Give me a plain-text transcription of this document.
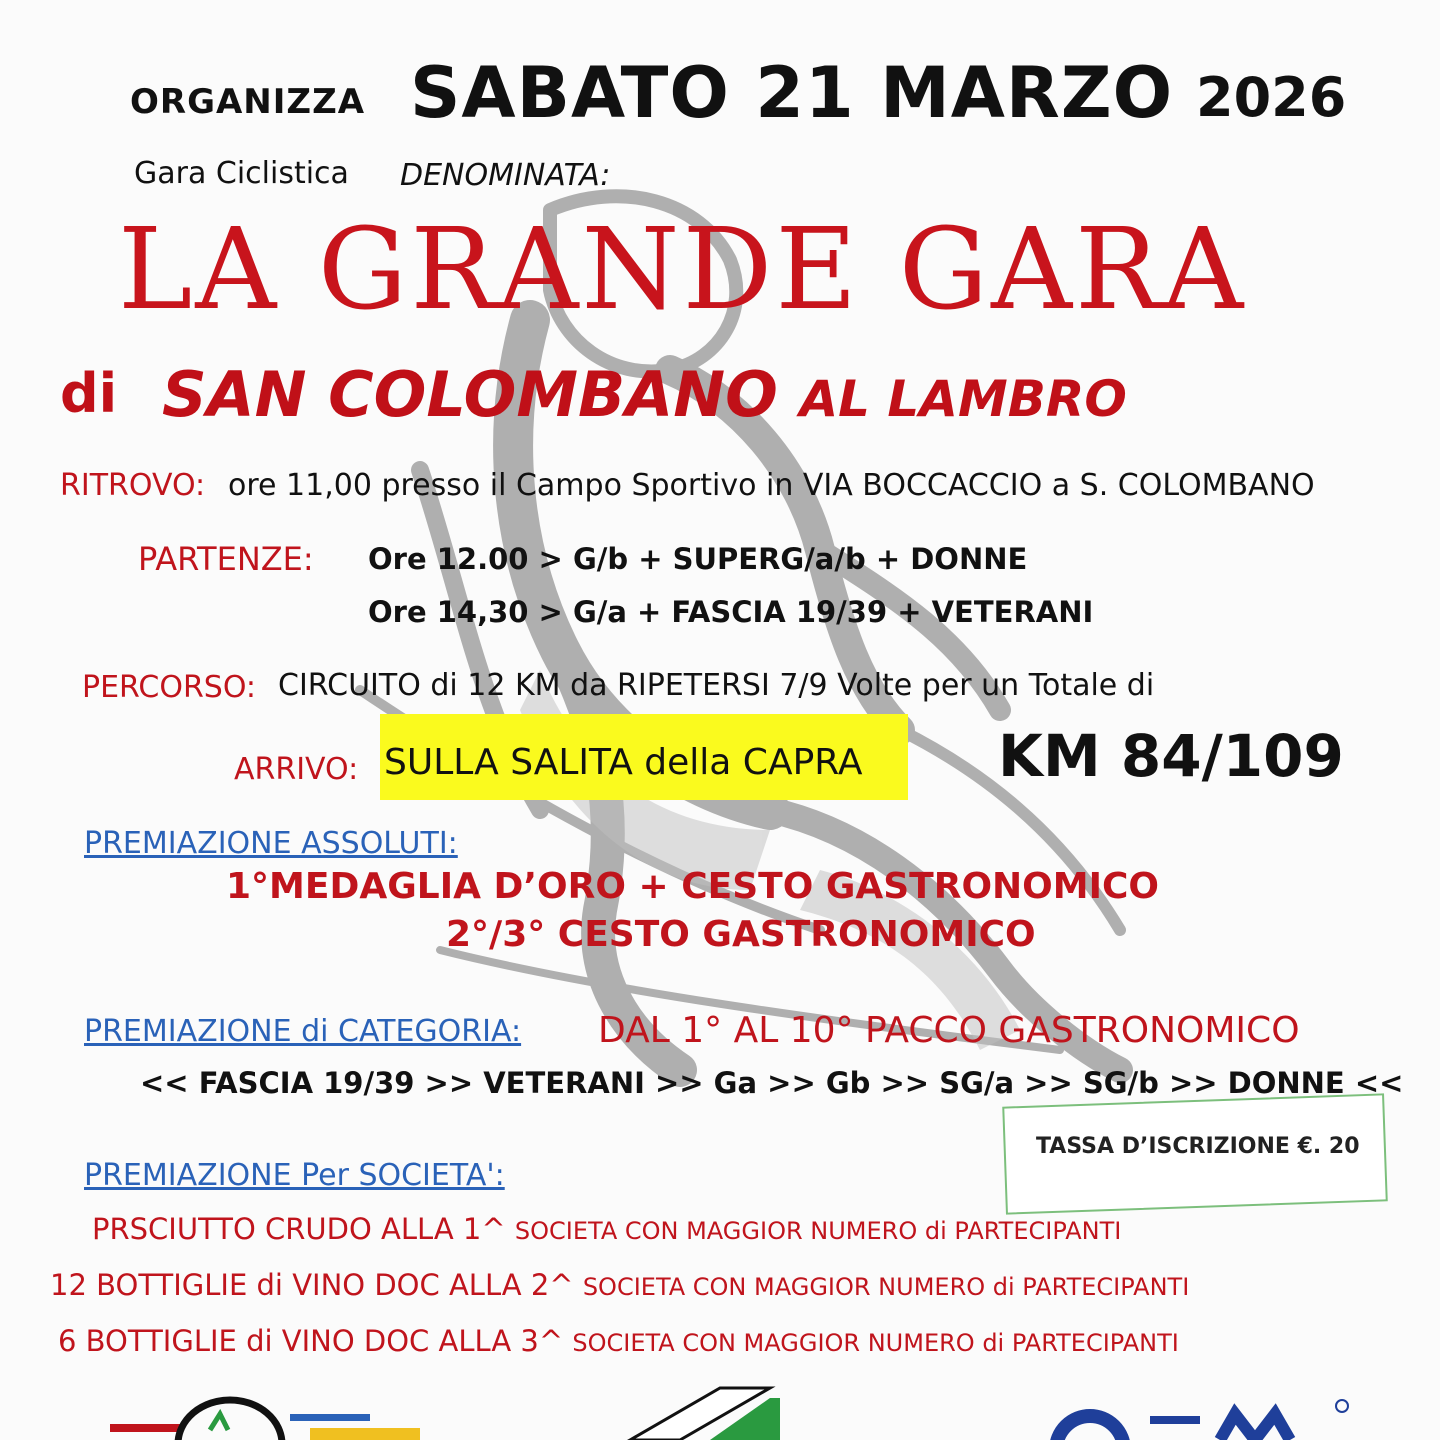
ORGANIZZA SABATO 21 MARZO 2026
Gara Ciclistica DENOMINATA:
LA GRANDE GARA
di SAN COLOMBANO AL LAMBRO
RITROVO: ore 11,00 presso il Campo Sportivo in VIA BOCCACCIO a S. COLOMBANO
PARTENZE: Ore 12.00 > G/b + SUPERG/a/b + DONNE
Ore 14,30 > G/a + FASCIA 19/39 + VETERANI
PERCORSO: CIRCUITO di 12 KM da RIPETERSI 7/9 Volte per un Totale di
ARRIVO: SULLA SALITA della CAPRA KM 84/109
PREMIAZIONE ASSOLUTI:
1°MEDAGLIA D’ORO + CESTO GASTRONOMICO
2°/3° CESTO GASTRONOMICO
PREMIAZIONE di CATEGORIA: DAL 1° AL 10° PACCO GASTRONOMICO
<< FASCIA 19/39 >> VETERANI >> Ga >> Gb >> SG/a >> SG/b >> DONNE <<
TASSA D’ISCRIZIONE €. 20
PREMIAZIONE Per SOCIETA':
PRSCIUTTO CRUDO ALLA 1^ SOCIETA CON MAGGIOR NUMERO di PARTECIPANTI
12 BOTTIGLIE di VINO DOC ALLA 2^ SOCIETA CON MAGGIOR NUMERO di PARTECIPANTI
6 BOTTIGLIE di VINO DOC ALLA 3^ SOCIETA CON MAGGIOR NUMERO di PARTECIPANTI
